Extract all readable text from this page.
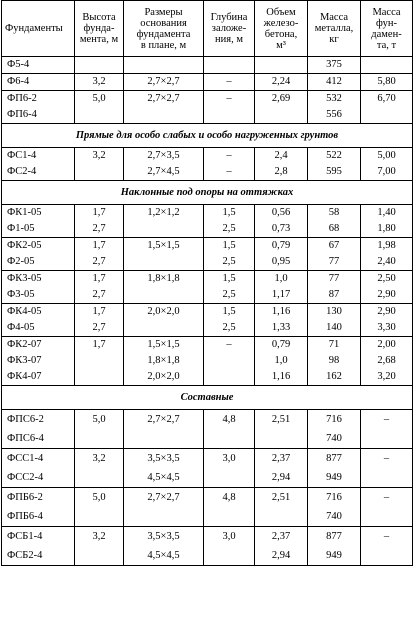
Фундаменты	Высота
фунда-
мента, м	Размеры
основания
фундамента
в плане, м	Глубина
заложе-
ния, м	Объем
железо-
бетона,
м³	Масса
металла,
кг	Масса
фун-
дамен-
та, т
Ф5-4					375	
Ф6-4	3,2	2,7×2,7	–	2,24	412	5,80
ФП6-2	5,0	2,7×2,7	–	2,69	532	6,70
ФП6-4					556	
Прямые для особо слабых и особо нагруженных грунтов						
ФС1-4	3,2	2,7×3,5	–	2,4	522	5,00
ФС2-4		2,7×4,5	–	2,8	595	7,00
Наклонные под опоры на оттяжках						
ФК1-05	1,7	1,2×1,2	1,5	0,56	58	1,40
Ф1-05	2,7		2,5	0,73	68	1,80
ФК2-05	1,7	1,5×1,5	1,5	0,79	67	1,98
Ф2-05	2,7		2,5	0,95	77	2,40
ФК3-05	1,7	1,8×1,8	1,5	1,0	77	2,50
Ф3-05	2,7		2,5	1,17	87	2,90
ФК4-05	1,7	2,0×2,0	1,5	1,16	130	2,90
Ф4-05	2,7		2,5	1,33	140	3,30
ФК2-07	1,7	1,5×1,5	–	0,79	71	2,00
ФК3-07		1,8×1,8		1,0	98	2,68
ФК4-07		2,0×2,0		1,16	162	3,20
Составные						
ФПС6-2	5,0	2,7×2,7	4,8	2,51	716	–
ФПС6-4					740	
ФСС1-4	3,2	3,5×3,5	3,0	2,37	877	–
ФСС2-4		4,5×4,5		2,94	949	
ФПБ6-2	5,0	2,7×2,7	4,8	2,51	716	–
ФПБ6-4					740	
ФСБ1-4	3,2	3,5×3,5	3,0	2,37	877	–
ФСБ2-4		4,5×4,5		2,94	949	
